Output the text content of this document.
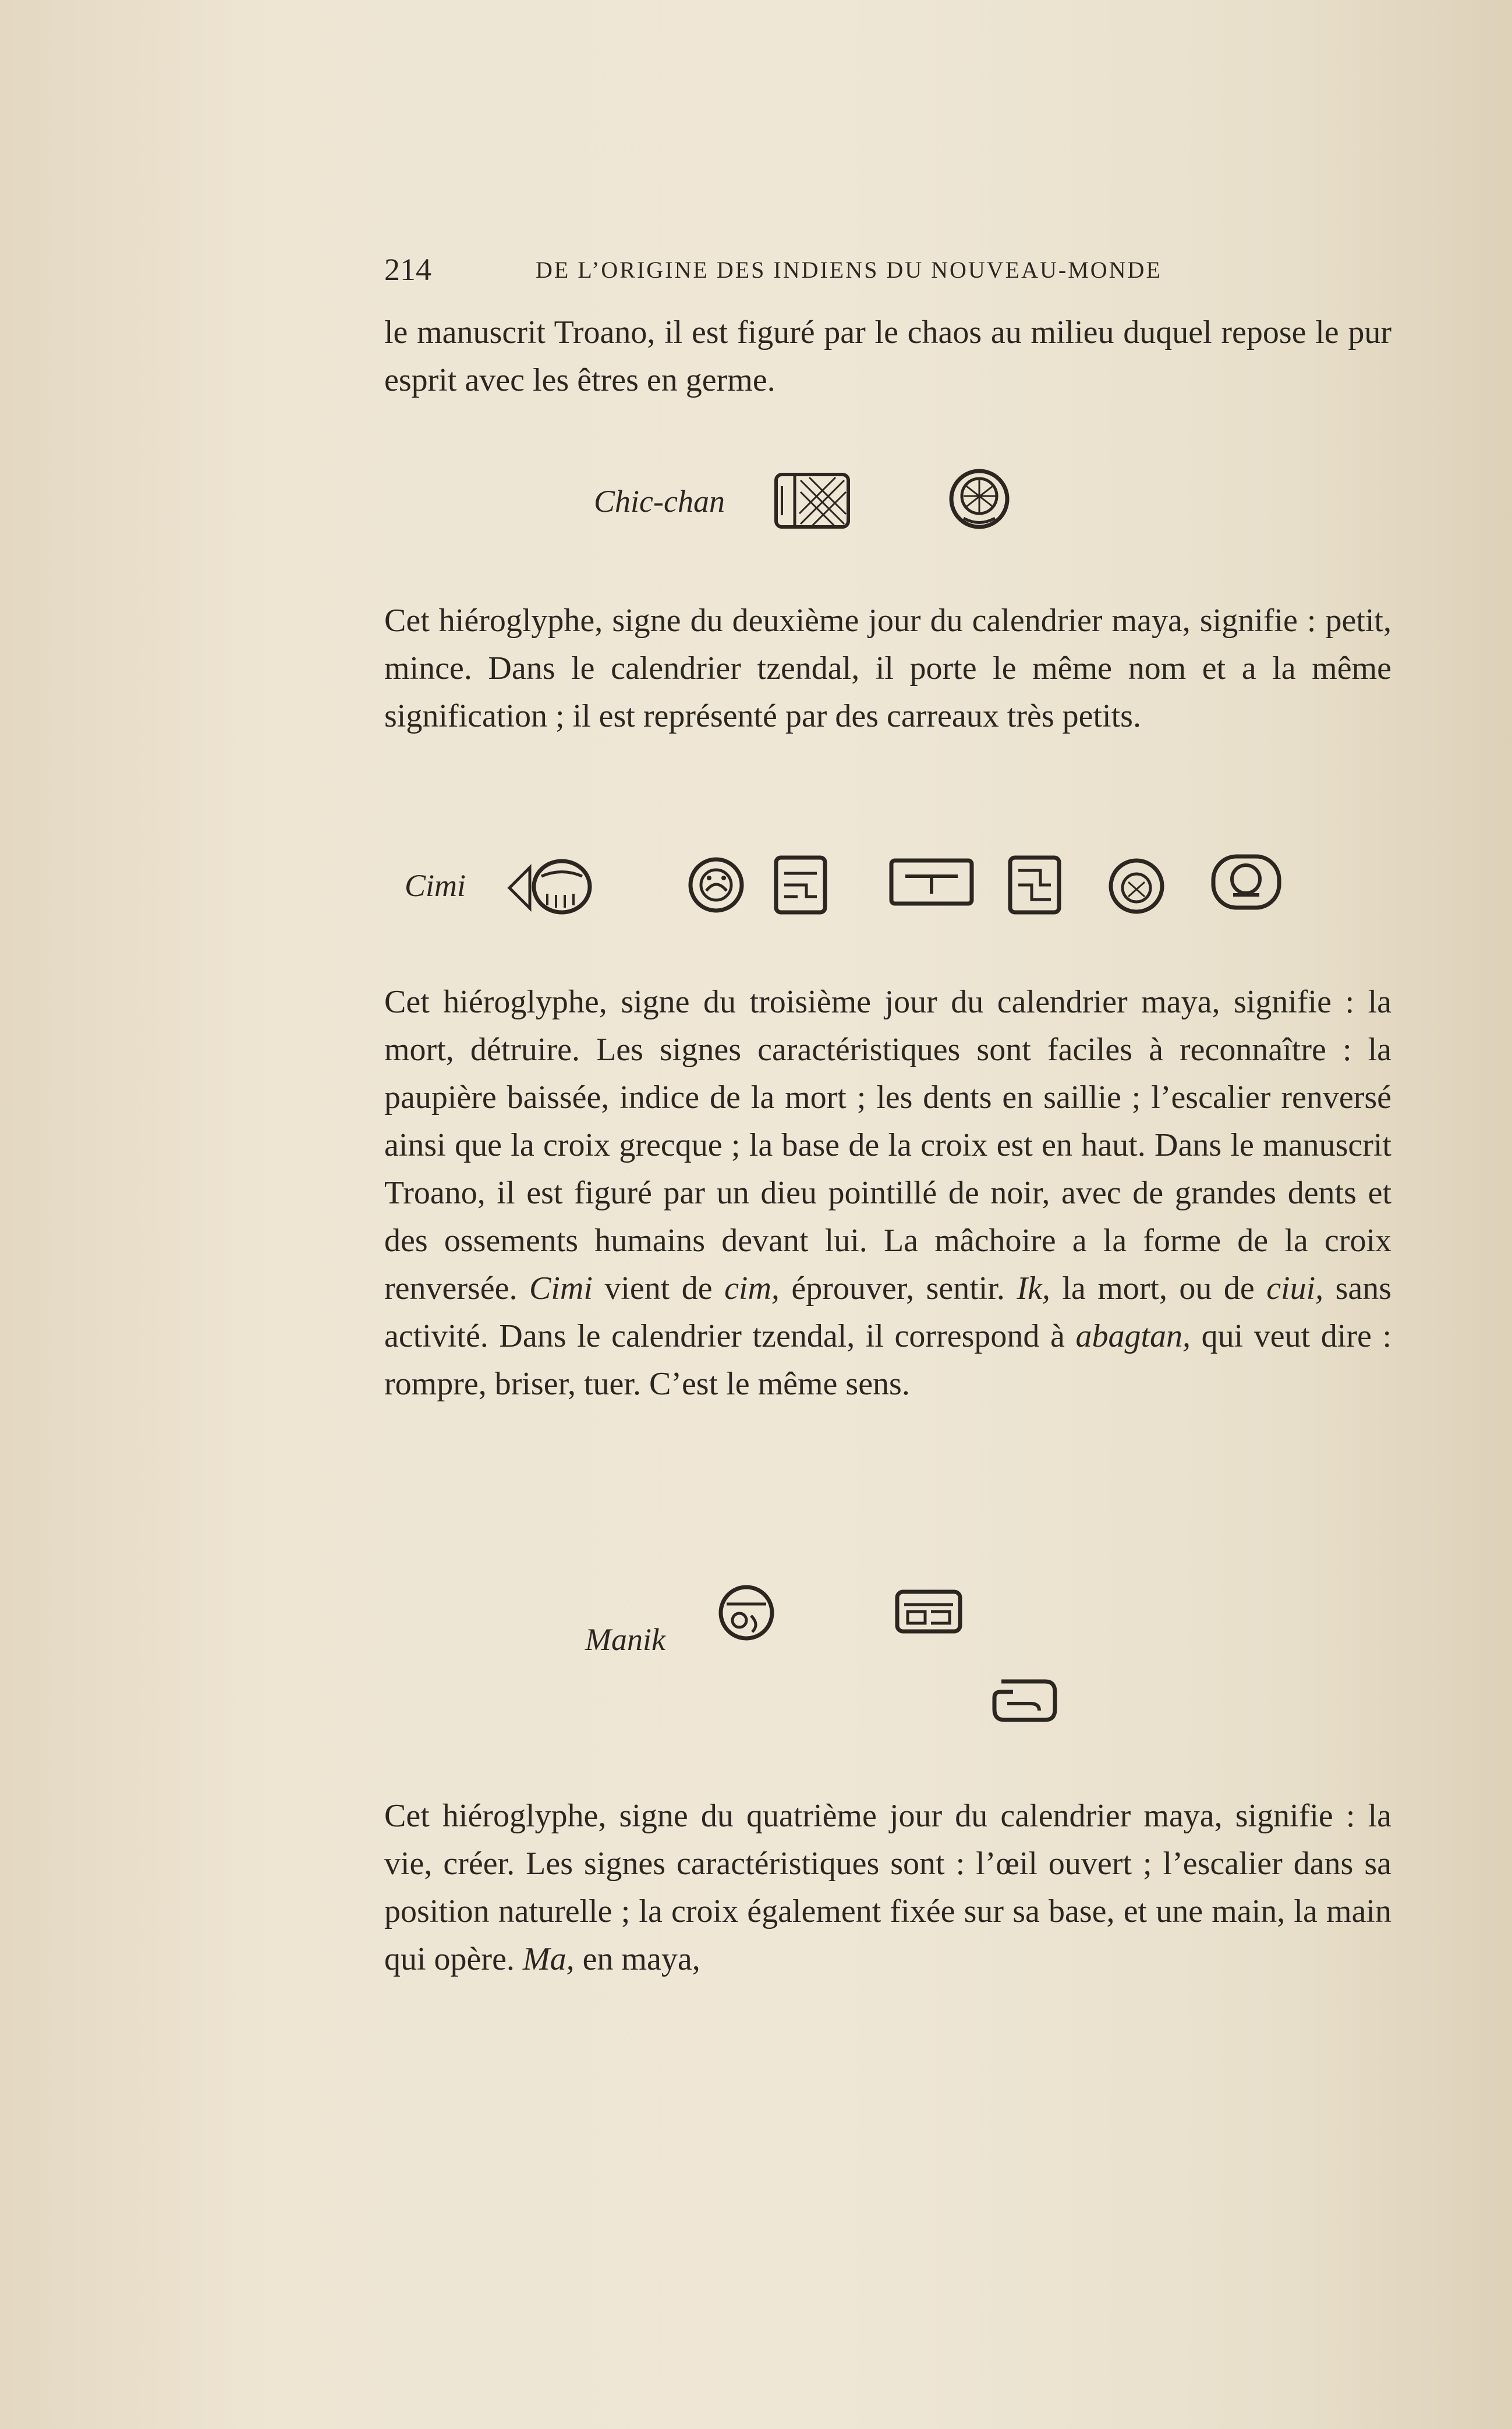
214	DE L’ORIGINE DES INDIENS DU NOUVEAU-MONDE

le manuscrit Troano, il est figuré par le chaos au milieu duquel repose le pur esprit avec les êtres en germe.

Chic-chan

Cet hiéroglyphe, signe du deuxième jour du calendrier maya, signifie : petit, mince. Dans le calendrier tzendal, il porte le même nom et a la même signification ; il est représenté par des carreaux très petits.

Cimi

Cet hiéroglyphe, signe du troisième jour du calendrier maya, signifie : la mort, détruire. Les signes caractéristiques sont faciles à reconnaître : la paupière baissée, indice de la mort ; les dents en saillie ; l’escalier renversé ainsi que la croix grecque ; la base de la croix est en haut. Dans le manuscrit Troano, il est figuré par un dieu pointillé de noir, avec de grandes dents et des ossements humains devant lui. La mâchoire a la forme de la croix renversée. Cimi vient de cim, éprouver, sentir. Ik, la mort, ou de ciui, sans activité. Dans le calendrier tzendal, il correspond à abagtan, qui veut dire : rompre, briser, tuer. C’est le même sens.

Manik

Cet hiéroglyphe, signe du quatrième jour du calendrier maya, signifie : la vie, créer. Les signes caractéristiques sont : l’œil ouvert ; l’escalier dans sa position naturelle ; la croix également fixée sur sa base, et une main, la main qui opère. Ma, en maya,
